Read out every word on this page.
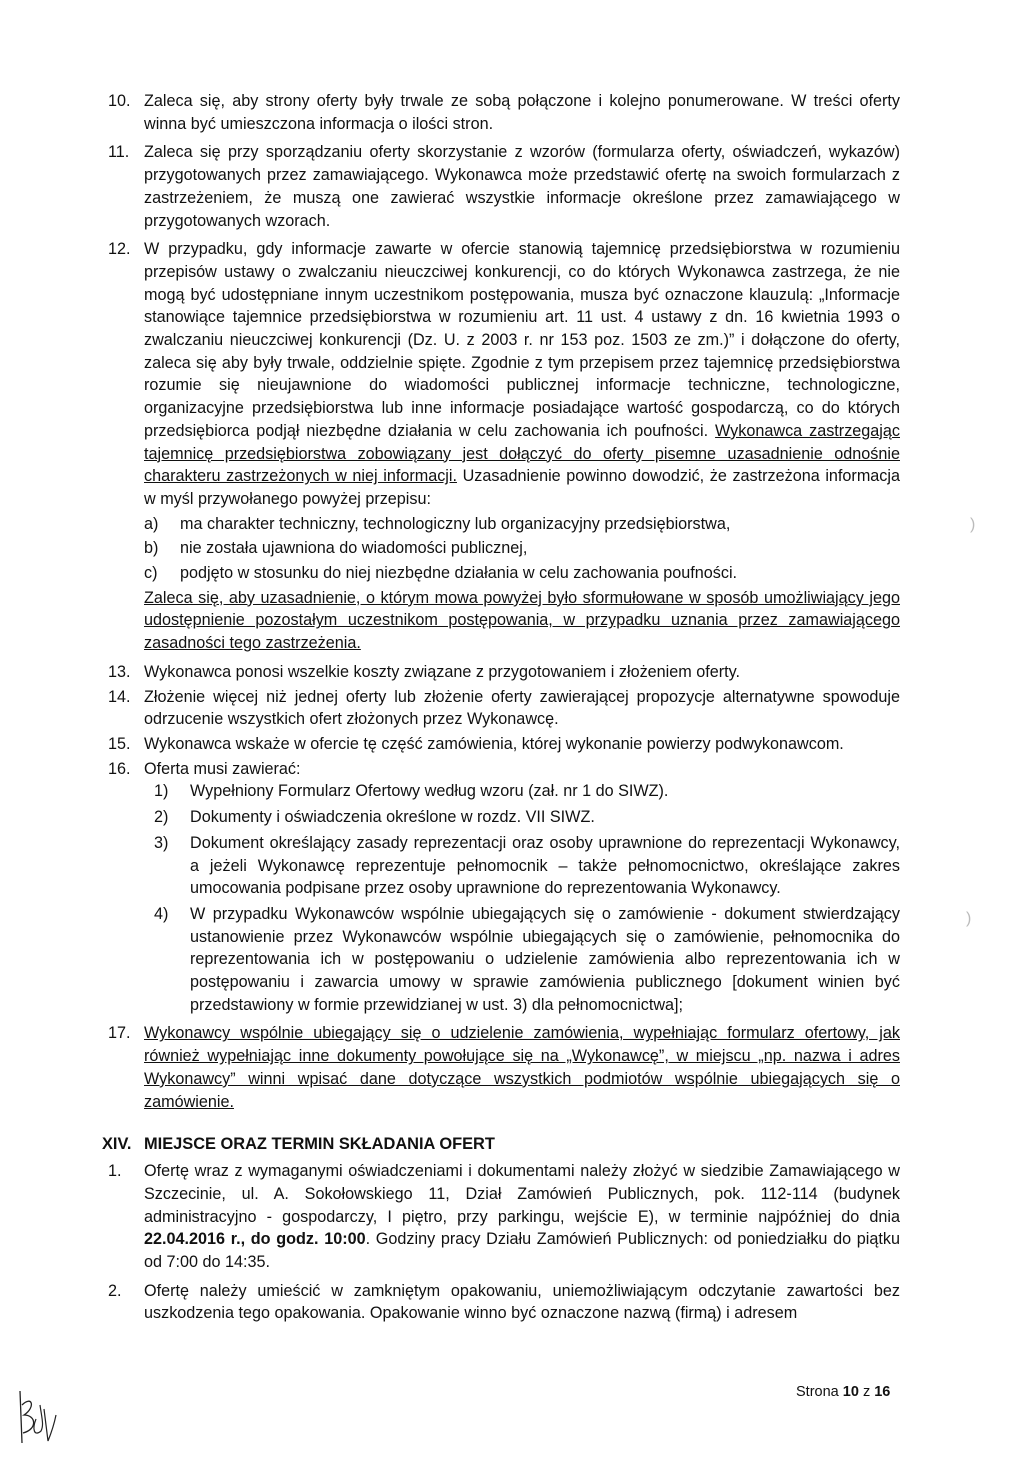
10. Zaleca się, aby strony oferty były trwale ze sobą połączone i kolejno ponumerowane. W treści oferty winna być umieszczona informacja o ilości stron.
11. Zaleca się przy sporządzaniu oferty skorzystanie z wzorów (formularza oferty, oświadczeń, wykazów) przygotowanych przez zamawiającego. Wykonawca może przedstawić ofertę na swoich formularzach z zastrzeżeniem, że muszą one zawierać wszystkie informacje określone przez zamawiającego w przygotowanych wzorach.
12. W przypadku, gdy informacje zawarte w ofercie stanowią tajemnicę przedsiębiorstwa w rozumieniu przepisów ustawy o zwalczaniu nieuczciwej konkurencji, co do których Wykonawca zastrzega, że nie mogą być udostępniane innym uczestnikom postępowania, musza być oznaczone klauzulą: „Informacje stanowiące tajemnice przedsiębiorstwa w rozumieniu art. 11 ust. 4 ustawy z dn. 16 kwietnia 1993 o zwalczaniu nieuczciwej konkurencji (Dz. U. z 2003 r. nr 153 poz. 1503 ze zm.)” i dołączone do oferty, zaleca się aby były trwale, oddzielnie spięte. Zgodnie z tym przepisem przez tajemnicę przedsiębiorstwa rozumie się nieujawnione do wiadomości publicznej informacje techniczne, technologiczne, organizacyjne przedsiębiorstwa lub inne informacje posiadające wartość gospodarczą, co do których przedsiębiorca podjął niezbędne działania w celu zachowania ich poufności. Wykonawca zastrzegając tajemnicę przedsiębiorstwa zobowiązany jest dołączyć do oferty pisemne uzasadnienie odnośnie charakteru zastrzeżonych w niej informacji. Uzasadnienie powinno dowodzić, że zastrzeżona informacja w myśl przywołanego powyżej przepisu:
a) ma charakter techniczny, technologiczny lub organizacyjny przedsiębiorstwa,
b) nie została ujawniona do wiadomości publicznej,
c) podjęto w stosunku do niej niezbędne działania w celu zachowania poufności.
Zaleca się, aby uzasadnienie, o którym mowa powyżej było sformułowane w sposób umożliwiający jego udostępnienie pozostałym uczestnikom postępowania, w przypadku uznania przez zamawiającego zasadności tego zastrzeżenia.
13. Wykonawca ponosi wszelkie koszty związane z przygotowaniem i złożeniem oferty.
14. Złożenie więcej niż jednej oferty lub złożenie oferty zawierającej propozycje alternatywne spowoduje odrzucenie wszystkich ofert złożonych przez Wykonawcę.
15. Wykonawca wskaże w ofercie tę część zamówienia, której wykonanie powierzy podwykonawcom.
16. Oferta musi zawierać:
1) Wypełniony Formularz Ofertowy według wzoru (zał. nr 1 do SIWZ).
2) Dokumenty i oświadczenia określone w rozdz. VII SIWZ.
3) Dokument określający zasady reprezentacji oraz osoby uprawnione do reprezentacji Wykonawcy, a jeżeli Wykonawcę reprezentuje pełnomocnik – także pełnomocnictwo, określające zakres umocowania podpisane przez osoby uprawnione do reprezentowania Wykonawcy.
4) W przypadku Wykonawców wspólnie ubiegających się o zamówienie - dokument stwierdzający ustanowienie przez Wykonawców wspólnie ubiegających się o zamówienie, pełnomocnika do reprezentowania ich w postępowaniu o udzielenie zamówienia albo reprezentowania ich w postępowaniu i zawarcia umowy w sprawie zamówienia publicznego [dokument winien być przedstawiony w formie przewidzianej w ust. 3) dla pełnomocnictwa];
17. Wykonawcy wspólnie ubiegający się o udzielenie zamówienia, wypełniając formularz ofertowy, jak również wypełniając inne dokumenty powołujące się na „Wykonawcę”, w miejscu „np. nazwa i adres Wykonawcy” winni wpisać dane dotyczące wszystkich podmiotów wspólnie ubiegających się o zamówienie.
XIV. MIEJSCE ORAZ TERMIN SKŁADANIA OFERT
1. Ofertę wraz z wymaganymi oświadczeniami i dokumentami należy złożyć w siedzibie Zamawiającego w Szczecinie, ul. A. Sokołowskiego 11, Dział Zamówień Publicznych, pok. 112-114 (budynek administracyjno - gospodarczy, I piętro, przy parkingu, wejście E), w terminie najpóźniej do dnia 22.04.2016 r., do godz. 10:00. Godziny pracy Działu Zamówień Publicznych: od poniedziałku do piątku od 7:00 do 14:35.
2. Ofertę należy umieścić w zamkniętym opakowaniu, uniemożliwiającym odczytanie zawartości bez uszkodzenia tego opakowania. Opakowanie winno być oznaczone nazwą (firmą) i adresem
)
)
Strona 10 z 16
